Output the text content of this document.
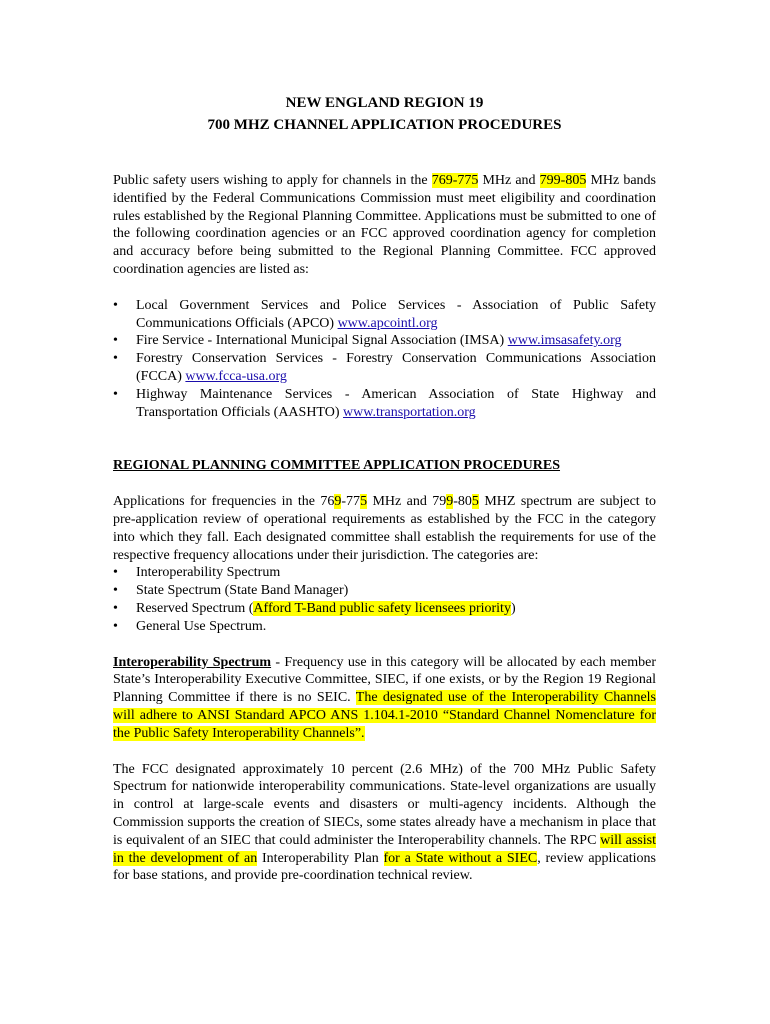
NEW ENGLAND REGION 19

700 MHZ CHANNEL APPLICATION PROCEDURES

Public safety users wishing to apply for channels in the 769-775 MHz and 799-805 MHz bands identified by the Federal Communications Commission must meet eligibility and coordination rules established by the Regional Planning Committee. Applications must be submitted to one of the following coordination agencies or an FCC approved coordination agency for completion and accuracy before being submitted to the Regional Planning Committee. FCC approved coordination agencies are listed as:

• Local Government Services and Police Services - Association of Public Safety Communications Officials (APCO) www.apcointl.org
• Fire Service - International Municipal Signal Association (IMSA) www.imsasafety.org
• Forestry Conservation Services - Forestry Conservation Communications Association (FCCA) www.fcca-usa.org
• Highway Maintenance Services - American Association of State Highway and Transportation Officials (AASHTO) www.transportation.org

REGIONAL PLANNING COMMITTEE APPLICATION PROCEDURES

Applications for frequencies in the 769-775 MHz and 799-805 MHZ spectrum are subject to pre-application review of operational requirements as established by the FCC in the category into which they fall. Each designated committee shall establish the requirements for use of the respective frequency allocations under their jurisdiction. The categories are:

• Interoperability Spectrum
• State Spectrum (State Band Manager)
• Reserved Spectrum (Afford T-Band public safety licensees priority)
• General Use Spectrum.

Interoperability Spectrum - Frequency use in this category will be allocated by each member State’s Interoperability Executive Committee, SIEC, if one exists, or by the Region 19 Regional Planning Committee if there is no SEIC. The designated use of the Interoperability Channels will adhere to ANSI Standard APCO ANS 1.104.1-2010 “Standard Channel Nomenclature for the Public Safety Interoperability Channels”.

The FCC designated approximately 10 percent (2.6 MHz) of the 700 MHz Public Safety Spectrum for nationwide interoperability communications. State-level organizations are usually in control at large-scale events and disasters or multi-agency incidents. Although the Commission supports the creation of SIECs, some states already have a mechanism in place that is equivalent of an SIEC that could administer the Interoperability channels. The RPC will assist in the development of an Interoperability Plan for a State without a SIEC, review applications for base stations, and provide pre-coordination technical review.
